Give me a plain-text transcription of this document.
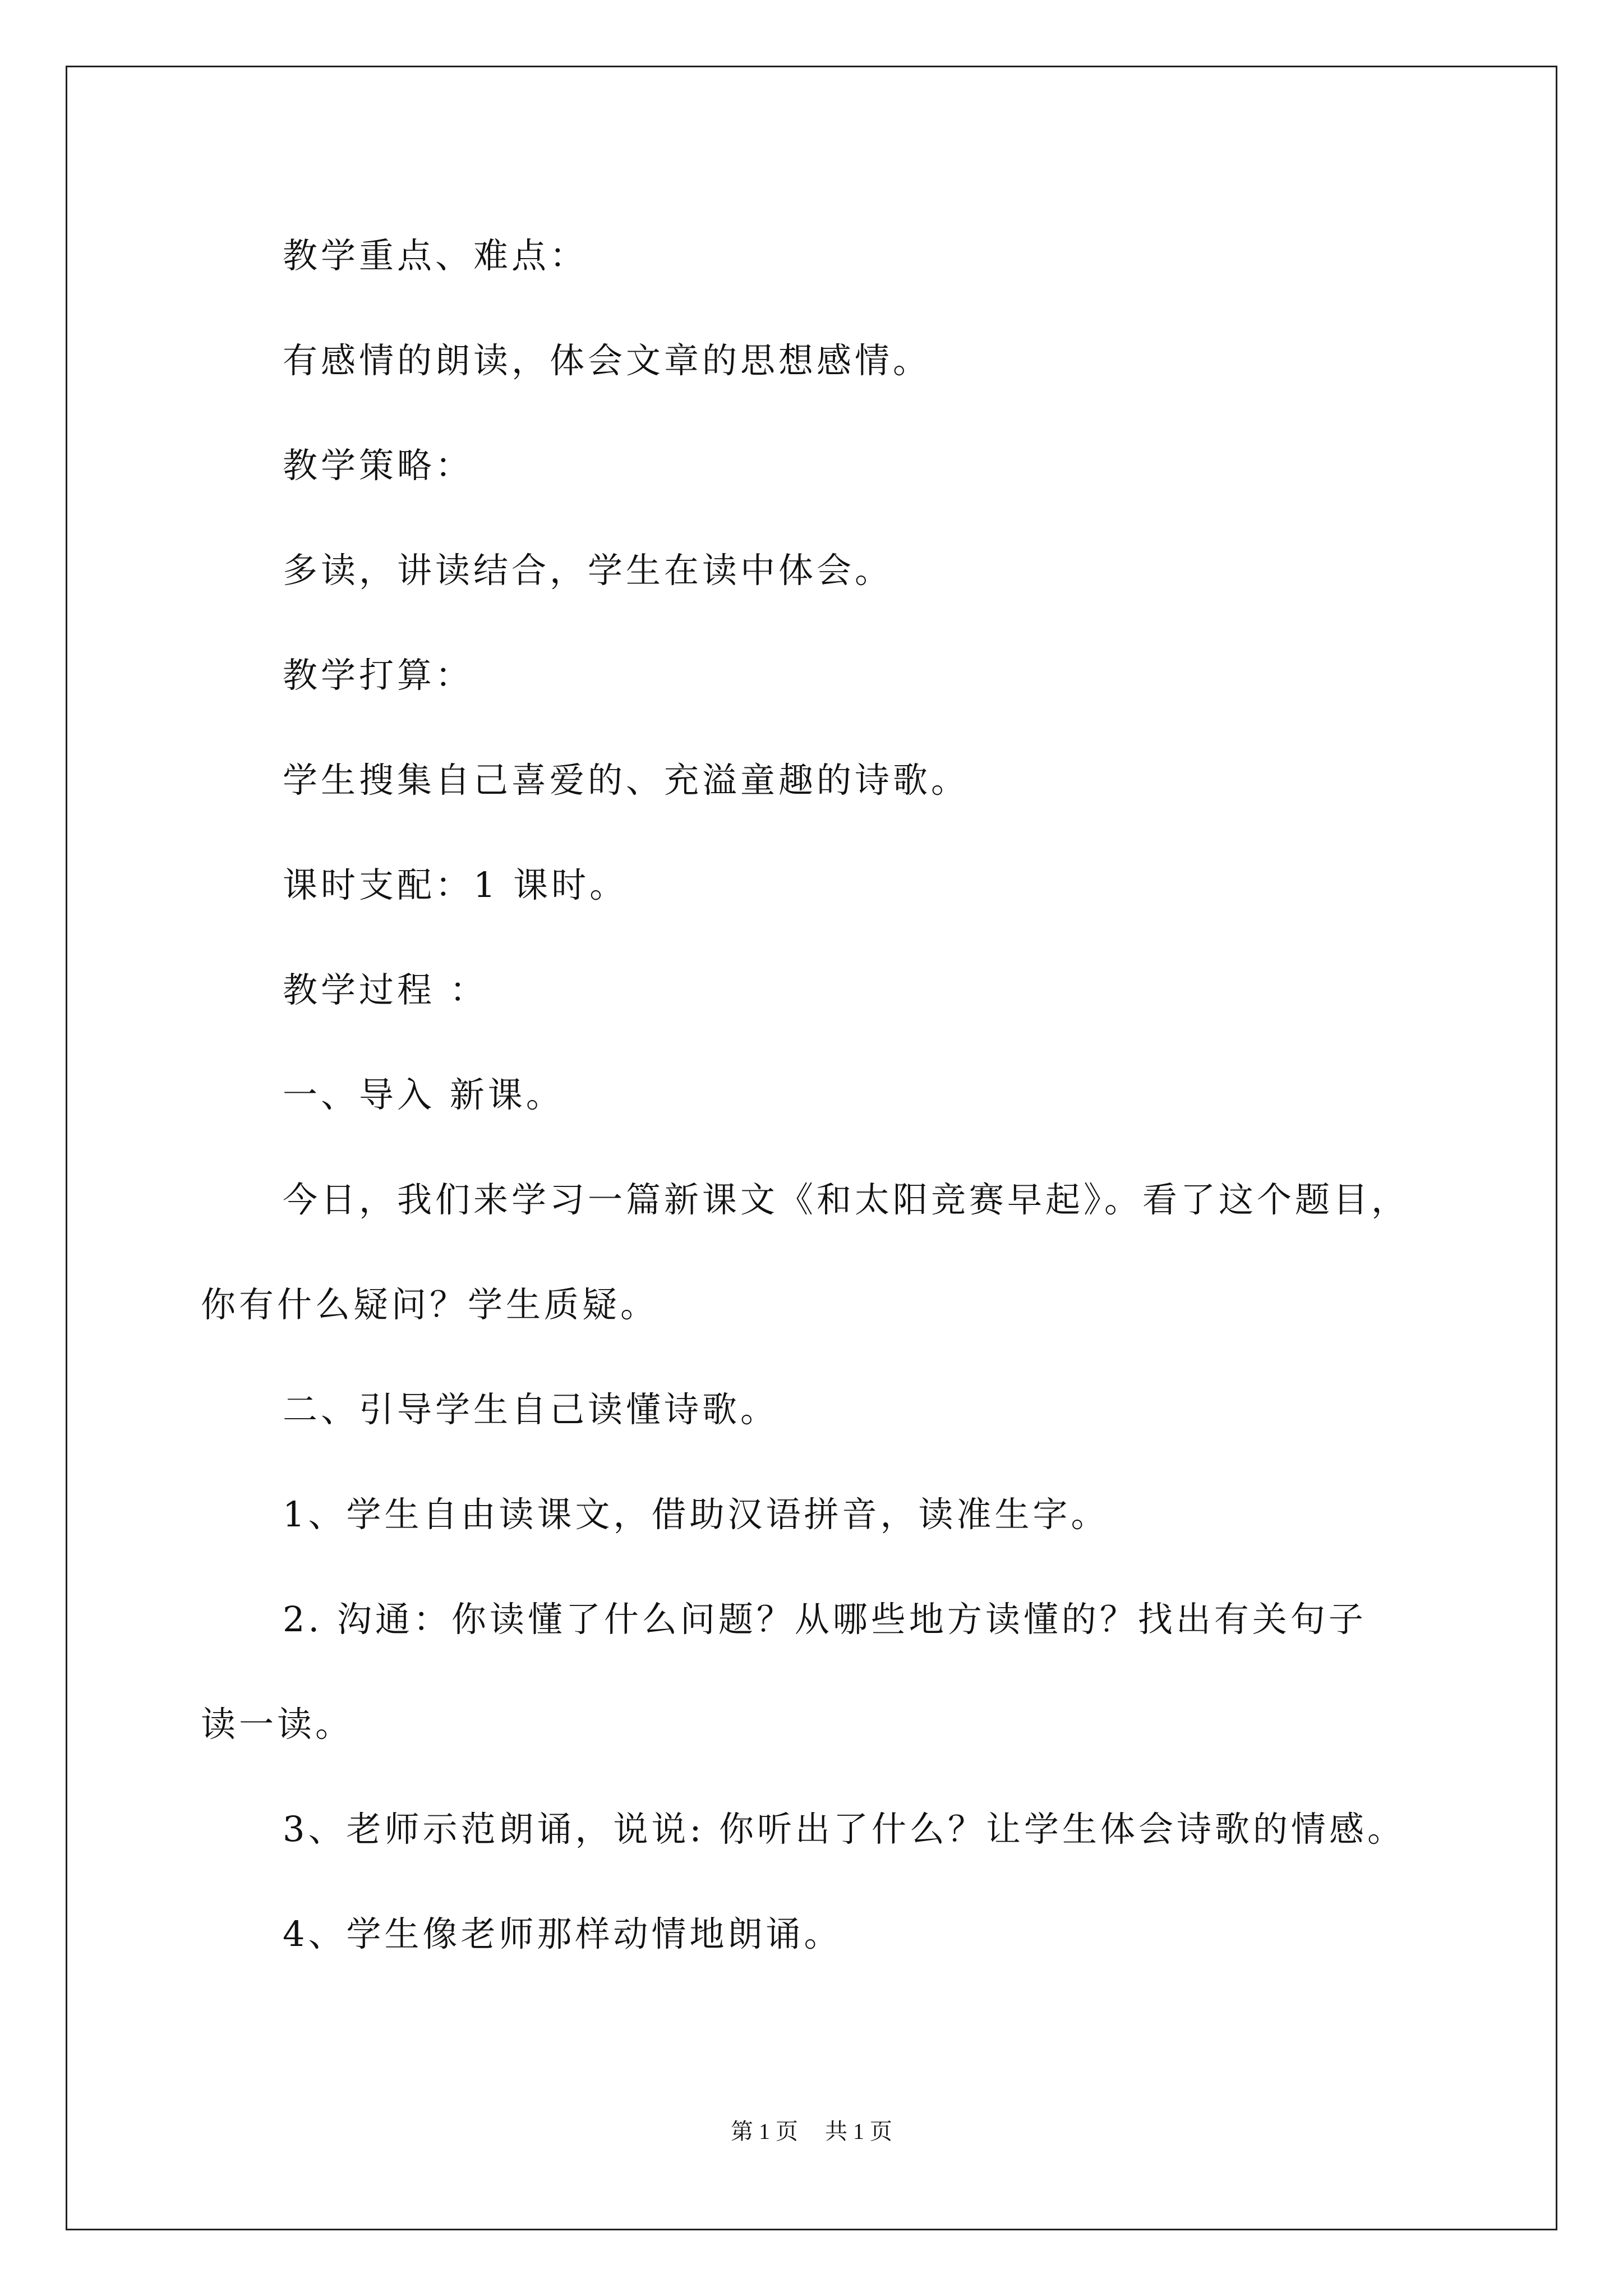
教学重点、难点：
有感情的朗读，体会文章的思想感情。
教学策略：
多读，讲读结合，学生在读中体会。
教学打算：
学生搜集自己喜爱的、充溢童趣的诗歌。
课时支配：1 课时。
教学过程 ：
一、导入 新课。
今日，我们来学习一篇新课文《和太阳竞赛早起》。看了这个题目，
你有什么疑问？学生质疑。
二、引导学生自己读懂诗歌。
1、学生自由读课文，借助汉语拼音，读准生字。
2. 沟通：你读懂了什么问题？从哪些地方读懂的？找出有关句子
读一读。
3、老师示范朗诵，说说: 你听出了什么？让学生体会诗歌的情感。
4、学生像老师那样动情地朗诵。
第 1 页 共 1 页
